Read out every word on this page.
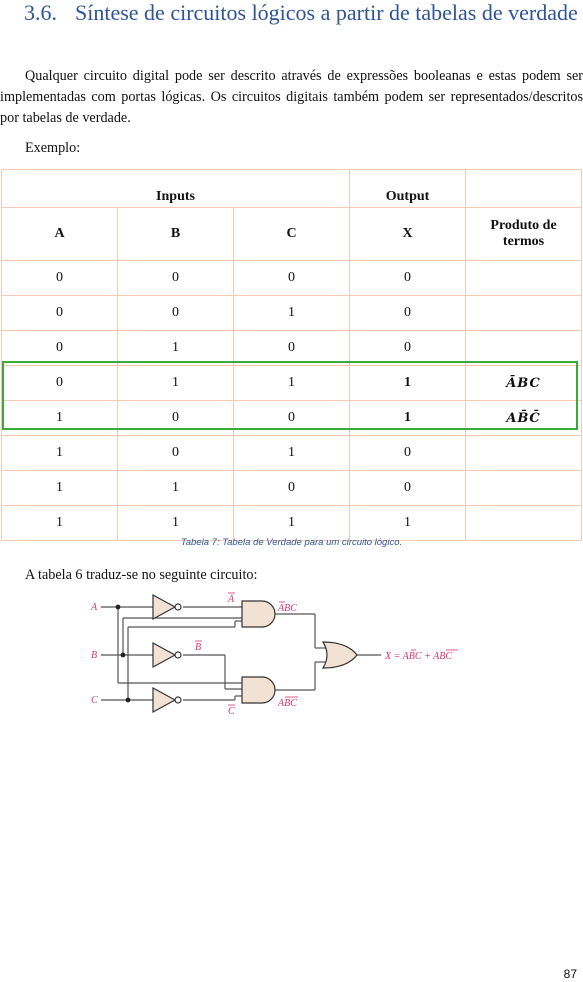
3.6. Síntese de circuitos lógicos a partir de tabelas de verdade
Qualquer circuito digital pode ser descrito através de expressões booleanas e estas podem ser implementadas com portas lógicas. Os circuitos digitais também podem ser representados/descritos por tabelas de verdade.
Exemplo:
Inputs			Output	
A	B	C	X	Produto de termos
0	0	0	0	
0	0	1	0	
0	1	0	0	
0	1	1	1	ĀBC
1	0	0	1	AB̄C̄
1	0	1	0	
1	1	0	0	
1	1	1	1	
Tabela 7: Tabela de Verdade para um circuito lógico.
A tabela 6 traduz-se no seguinte circuito:
A
B
C
A
B
C
ABC
ABC
X = ABC + ABC
87
